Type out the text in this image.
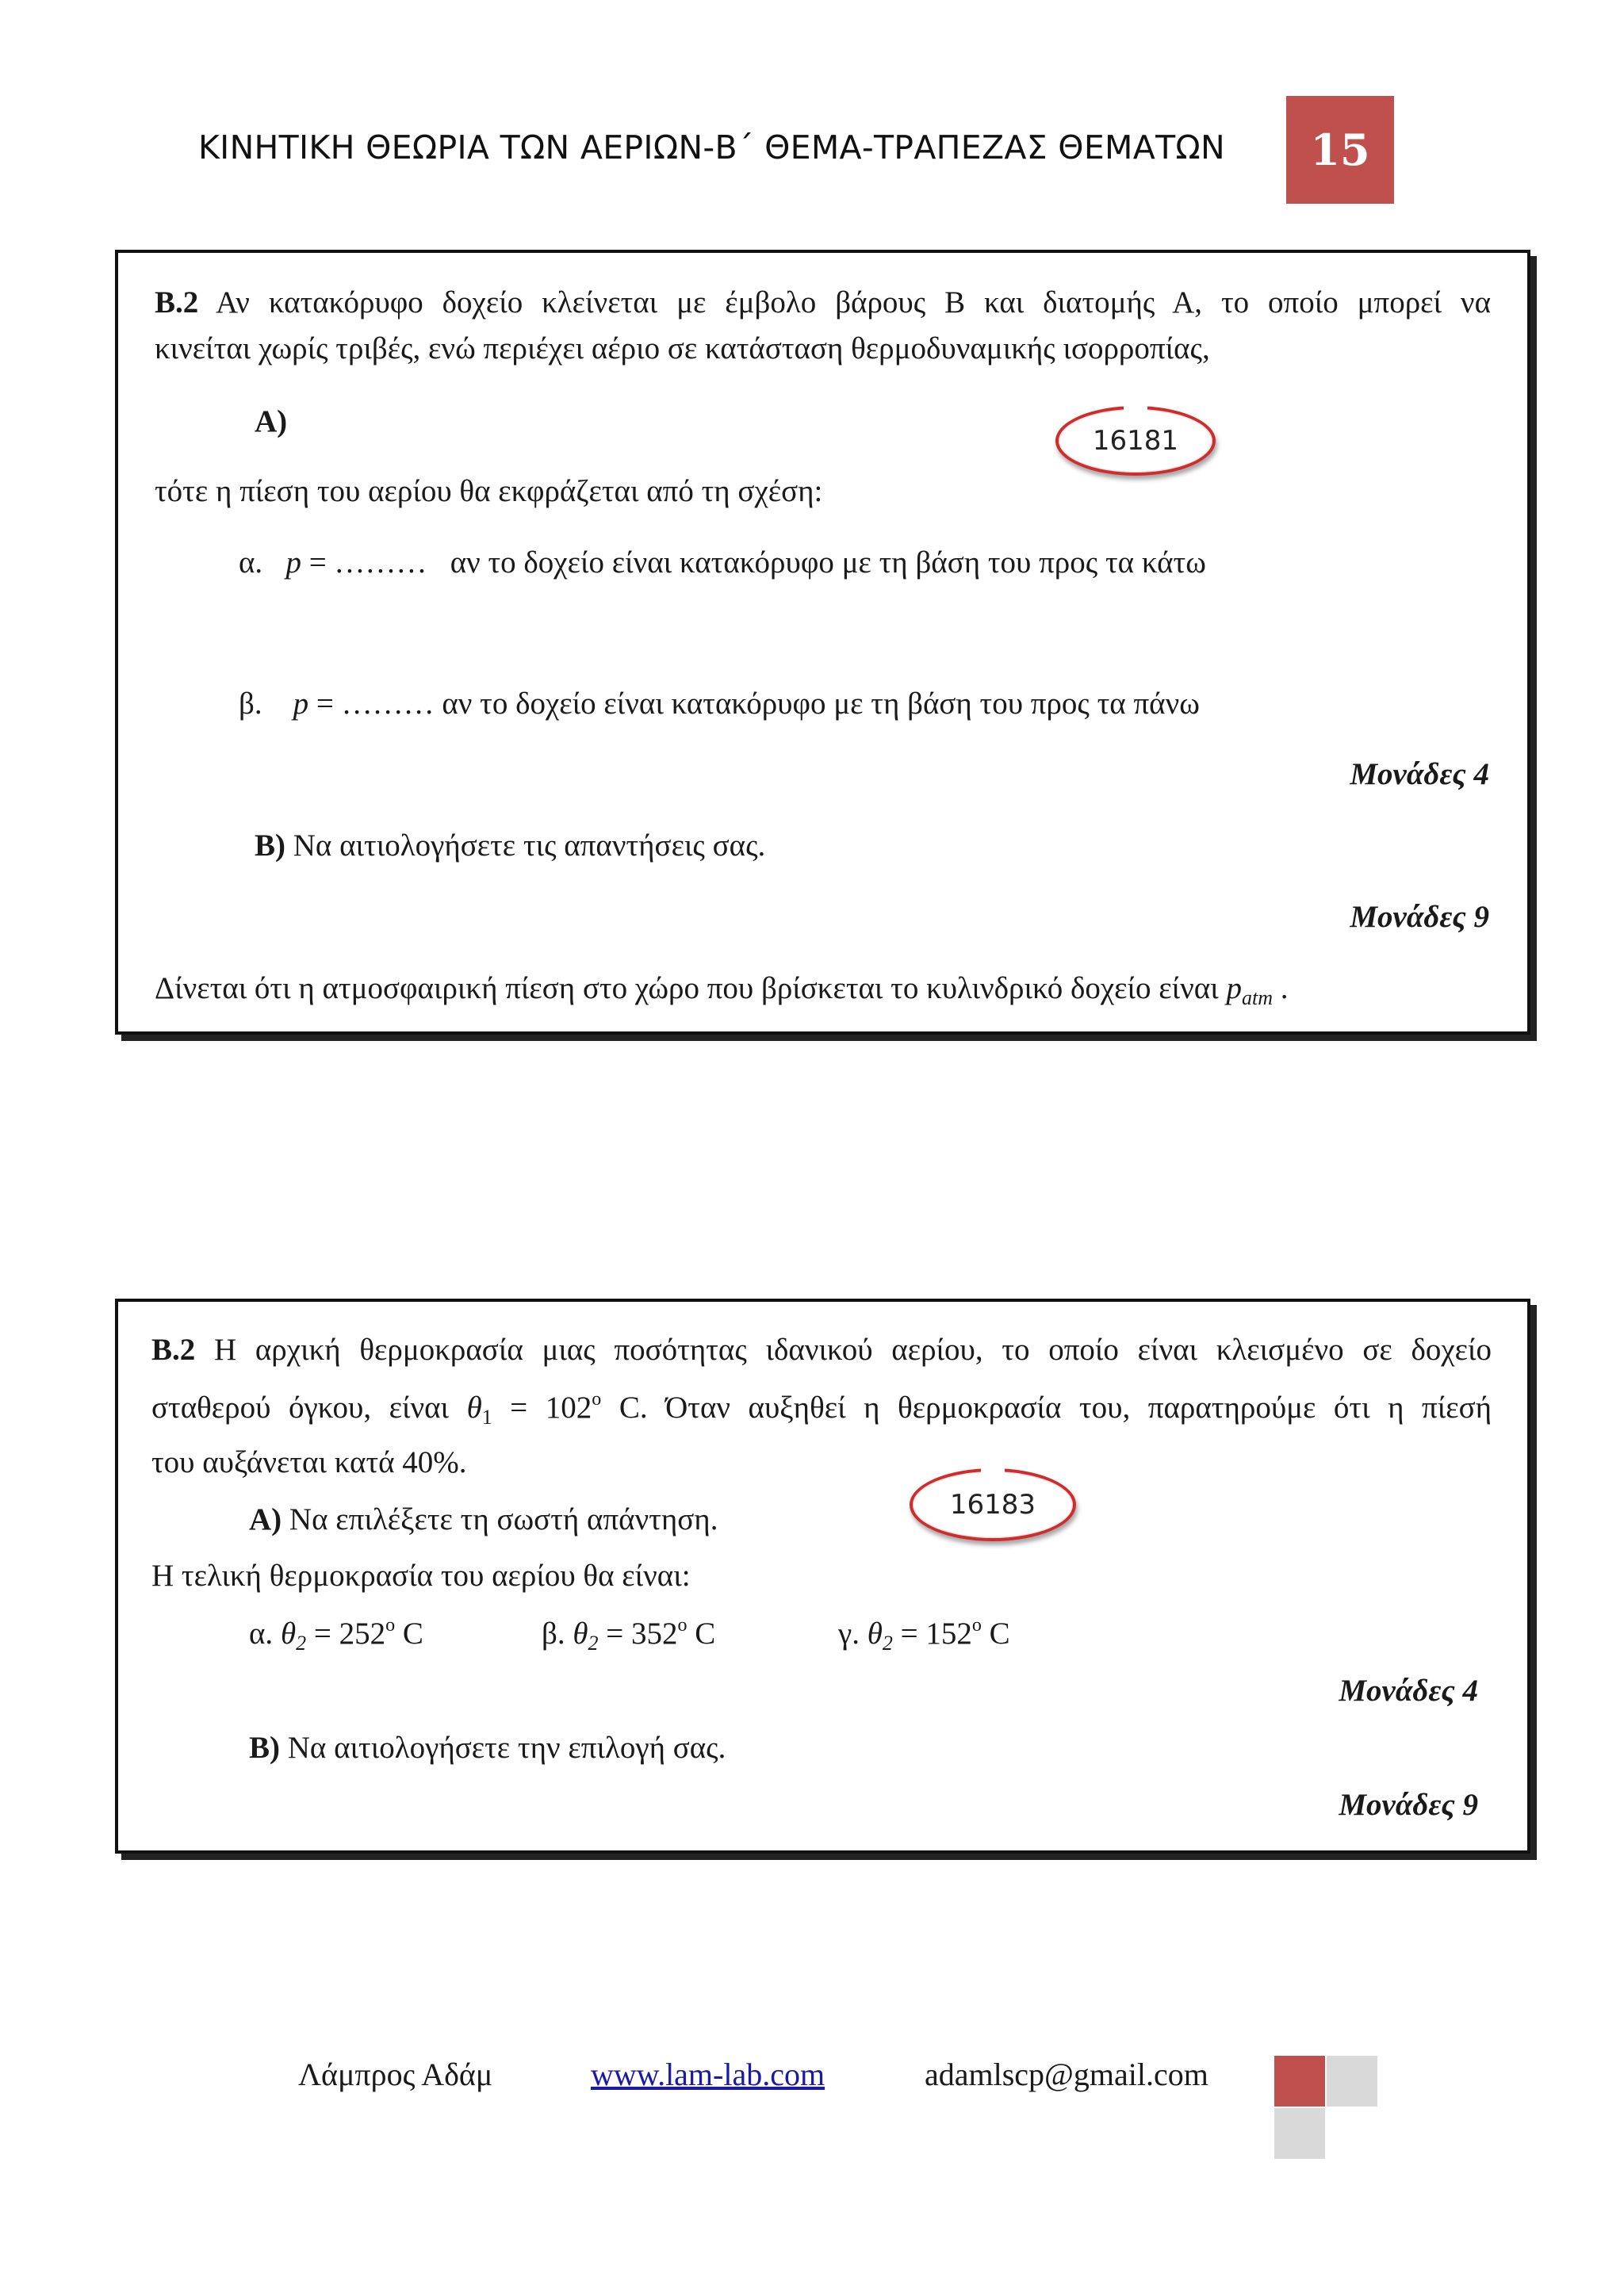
ΚΙΝΗΤΙΚΗ ΘΕΩΡΙΑ ΤΩΝ ΑΕΡΙΩΝ-Β΄ ΘΕΜΑ-ΤΡΑΠΕΖΑΣ ΘΕΜΑΤΩΝ	15
Β.2 Αν κατακόρυφο δοχείο κλείνεται με έμβολο βάρους Β και διατομής Α, το οποίο μπορεί να
κινείται χωρίς τριβές, ενώ περιέχει αέριο σε κατάσταση θερμοδυναμικής ισορροπίας,
Α)
16181
τότε η πίεση του αερίου θα εκφράζεται από τη σχέση:
α. p = ……… αν το δοχείο είναι κατακόρυφο με τη βάση του προς τα κάτω
β. p = ……… αν το δοχείο είναι κατακόρυφο με τη βάση του προς τα πάνω
Μονάδες 4
Β) Να αιτιολογήσετε τις απαντήσεις σας.
Μονάδες 9
Δίνεται ότι η ατμοσφαιρική πίεση στο χώρο που βρίσκεται το κυλινδρικό δοχείο είναι $p_{atm}$ .
Β.2 Η αρχική θερμοκρασία μιας ποσότητας ιδανικού αερίου, το οποίο είναι κλεισμένο σε δοχείο
σταθερού όγκου, είναι $\theta_1 = 102^o$ C. Όταν αυξηθεί η θερμοκρασία του, παρατηρούμε ότι η πίεσή
του αυξάνεται κατά 40%.
Α) Να επιλέξετε τη σωστή απάντηση.	16183
Η τελική θερμοκρασία του αερίου θα είναι:
α. $\theta_2 = 252^o$ C	β. $\theta_2 = 352^o$ C	γ. $\theta_2 = 152^o$ C
Μονάδες 4
Β) Να αιτιολογήσετε την επιλογή σας.
Μονάδες 9
Λάμπρος Αδάμ	www.lam-lab.com	adamlscp@gmail.com
